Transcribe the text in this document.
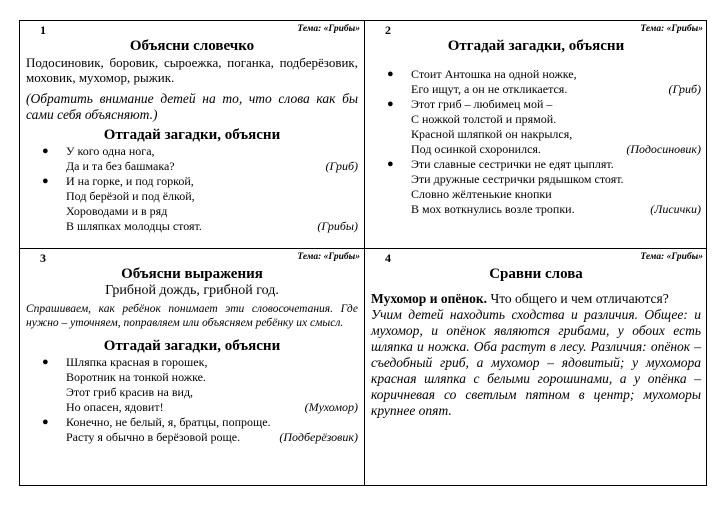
1	Тема: «Грибы»

Объясни словечко

Подосиновик, боровик, сыроежка, поганка, подберёзовик, моховик, мухомор, рыжик.

(Обратить внимание детей на то, что слова как бы сами себя объясняют.)

Отгадай загадки, объясни

● У кого одна нога,
Да и та без башмака?	(Гриб)
● И на горке, и под горкой,
Под берёзой и под ёлкой,
Хороводами и в ряд
В шляпках молодцы стоят.	(Грибы)
2	Тема: «Грибы»

Отгадай загадки, объясни

● Стоит Антошка на одной ножке,
Его ищут, а он не откликается.	(Гриб)
● Этот гриб – любимец мой –
С ножкой толстой и прямой.
Красной шляпкой он накрылся,
Под осинкой схоронился.	(Подосиновик)
● Эти славные сестрички не едят цыплят.
Эти дружные сестрички рядышком стоят.
Словно жёлтенькие кнопки
В мох воткнулись возле тропки.	(Лисички)
3	Тема: «Грибы»

Объясни выражения

Грибной дождь, грибной год.

Спрашиваем, как ребёнок понимает эти словосочетания. Где нужно – уточняем, поправляем или объясняем ребёнку их смысл.

Отгадай загадки, объясни

● Шляпка красная в горошек,
Воротник на тонкой ножке.
Этот гриб красив на вид,
Но опасен, ядовит!	(Мухомор)
● Конечно, не белый, я, братцы, попроще.
Расту я обычно в берёзовой роще.	(Подберёзовик)
4	Тема: «Грибы»

Сравни слова

Мухомор и опёнок. Что общего и чем отличаются?

Учим детей находить сходства и различия. Общее: и мухомор, и опёнок являются грибами, у обоих есть шляпка и ножка. Оба растут в лесу. Различия: опёнок – съедобный гриб, а мухомор – ядовитый; у мухомора красная шляпка с белыми горошинами, а у опёнка – коричневая со светлым пятном в центр; мухоморы крупнее опят.
